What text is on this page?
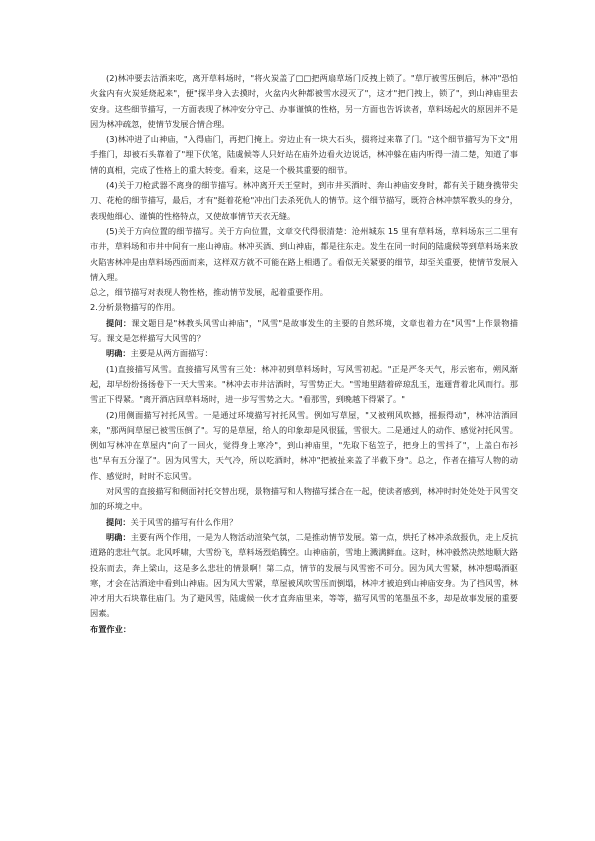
(2)林冲要去沽酒来吃，离开草料场时，"将火炭盖了□□把两扇草场门反拽上锁了。"草厅被雪压倒后，林冲"恐怕火盆内有火炭延烧起来"，便"探半身入去摸时，火盆内火种都被雪水浸灭了"，这才"把门拽上，锁了"，到山神庙里去安身。这些细节描写，一方面表现了林冲安分守己、办事谨慎的性格，另一方面也告诉读者，草料场起火的原因并不是因为林冲疏忽，使情节发展合情合理。

(3)林冲进了山神庙，"入得庙门，再把门掩上。旁边止有一块大石头，掇将过来靠了门。"这个细节描写为下文"用手推门，却被石头靠着了"埋下伏笔，陆虞候等人只好站在庙外边看火边说话，林冲躲在庙内听得一清二楚，知道了事情的真相，完成了性格上的重大转变。看来，这是一个极其重要的细节。

(4)关于刀枪武器不离身的细节描写。林冲离开天王堂时，到市井买酒时、奔山神庙安身时，都有关于随身携带尖刀、花枪的细节描写，最后，才有"挺着花枪"冲出门去杀死仇人的情节。这个细节描写，既符合林冲禁军教头的身分，表现他细心、谨慎的性格特点，又使故事情节天衣无缝。

(5)关于方向位置的细节描写。关于方向位置，文章交代得很清楚：沧州城东 15 里有草料场，草料场东三二里有市井，草料场和市井中间有一座山神庙。林冲买酒、到山神庙，都是往东走。发生在同一时间的陆虞候等到草料场来放火陷害林冲是由草料场西面而来，这样双方就不可能在路上相遇了。看似无关紧要的细节，却至关重要，使情节发展入情入理。

总之，细节描写对表现人物性格，推动情节发展，起着重要作用。

2.分析景物描写的作用。

提问：课文题目是"林教头风雪山神庙"，"风雪"是故事发生的主要的自然环境，文章也着力在"风雪"上作景物描写。课文是怎样描写大风雪的？

明确：主要是从两方面描写：

(1)直接描写风雪。直接描写风雪有三处：林冲初到草料场时，写风雪初起。"正是严冬天气，彤云密布，朔风渐起，却早纷纷扬扬卷下一天大雪来。"林冲去市井沽酒时，写雪势正大。"雪地里踏着碎琼乱玉，迤逦背着北风而行。那雪正下得紧。"离开酒店回草料场时，进一步写雪势之大。"看那雪，到晚越下得紧了。"

(2)用侧面描写衬托风雪。一是通过环境描写衬托风雪。例如写草屋，"又被朔风吹撼，摇振得动"，林冲沽酒回来，"那两间草屋已被雪压倒了"。写的是草屋，给人的印象却是风很猛，雪很大。二是通过人的动作、感觉衬托风雪。例如写林冲在草屋内"向了一回火，觉得身上寒冷"，到山神庙里，"先取下毡笠子，把身上的雪抖了"，上盖白布衫也"早有五分湿了"。因为风雪大，天气冷，所以吃酒时，林冲"把被扯来盖了半截下身"。总之，作者在描写人物的动作、感觉时，时时不忘风雪。

对风雪的直接描写和侧面衬托交替出现，景物描写和人物描写揉合在一起，使读者感到，林冲时时处处处于风雪交加的环境之中。

提问：关于风雪的描写有什么作用？

明确：主要有两个作用，一是为人物活动渲染气氛，二是推动情节发展。第一点，烘托了林冲杀敌报仇，走上反抗道路的悲壮气氛。北风呼啸，大雪纷飞，草料场烈焰腾空。山神庙前，雪地上溅满鲜血。这时，林冲毅然决然地顺大路投东而去，奔上梁山，这是多么悲壮的情景啊！第二点，情节的发展与风雪密不可分。因为风大雪紧，林冲想喝酒驱寒，才会在沽酒途中看到山神庙。因为风大雪紧，草屋被风吹雪压而倒塌，林冲才被迫到山神庙安身。为了挡风雪，林冲才用大石块靠住庙门。为了避风雪，陆虞候一伙才直奔庙里来，等等，描写风雪的笔墨虽不多，却是故事发展的重要因素。

布置作业：
